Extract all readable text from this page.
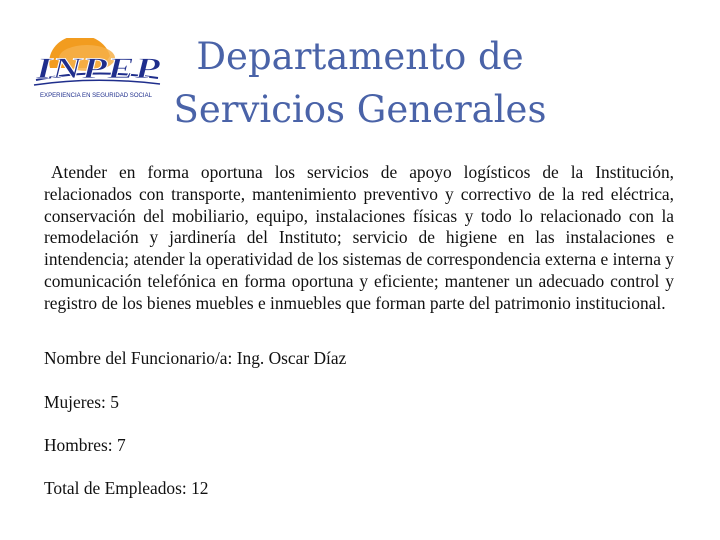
INPEP
EXPERIENCIA EN SEGURIDAD SOCIAL
Departamento de
Servicios Generales

Atender en forma oportuna los servicios de apoyo logísticos de la Institución, relacionados con transporte, mantenimiento preventivo y correctivo de la red eléctrica, conservación del mobiliario, equipo, instalaciones físicas y todo lo relacionado con la remodelación y jardinería del Instituto; servicio de higiene en las instalaciones e intendencia; atender la operatividad de los sistemas de correspondencia externa e interna y comunicación telefónica en forma oportuna y eficiente; mantener un adecuado control y registro de los bienes muebles e inmuebles que forman parte del patrimonio institucional.

Nombre del Funcionario/a: Ing. Oscar Díaz

Mujeres: 5

Hombres: 7

Total de Empleados: 12
